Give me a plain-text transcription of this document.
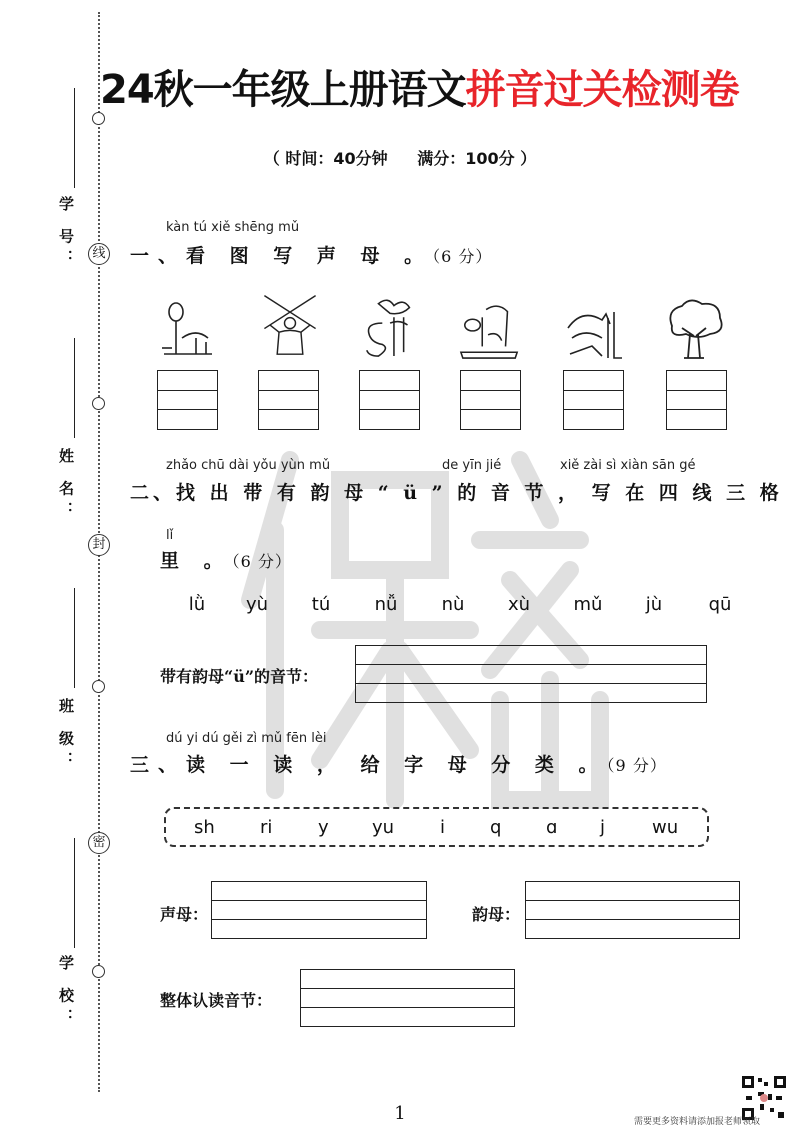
线
封
密
学 号：
姓 名：
班 级：
学 校：
24秋一年级上册语文拼音过关检测卷
（ 时间：40分钟 满分：100分 ）
kàn tú xiě shēng mǔ
一、看 图 写 声 母 。（6 分）
zhǎo chū dài yǒu yùn mǔ	de yīn jié	xiě zài sì xiàn sān gé
二、找 出 带 有 韵 母 “ ü ” 的 音 节 ， 写 在 四 线 三 格
lǐ
里 。（6 分）
lǜ	yù	tú	nǚ	nù	xù	mǔ	jù	qū
带有韵母“ü”的音节：
dú yi dú gěi zì mǔ fēn lèi
三、读 一 读 ， 给 字 母 分 类 。（9 分）
sh	ri	y yu	i q ɑ j	wu
声母：	韵母：
整体认读音节：
1	需要更多资料请添加报老师领取
